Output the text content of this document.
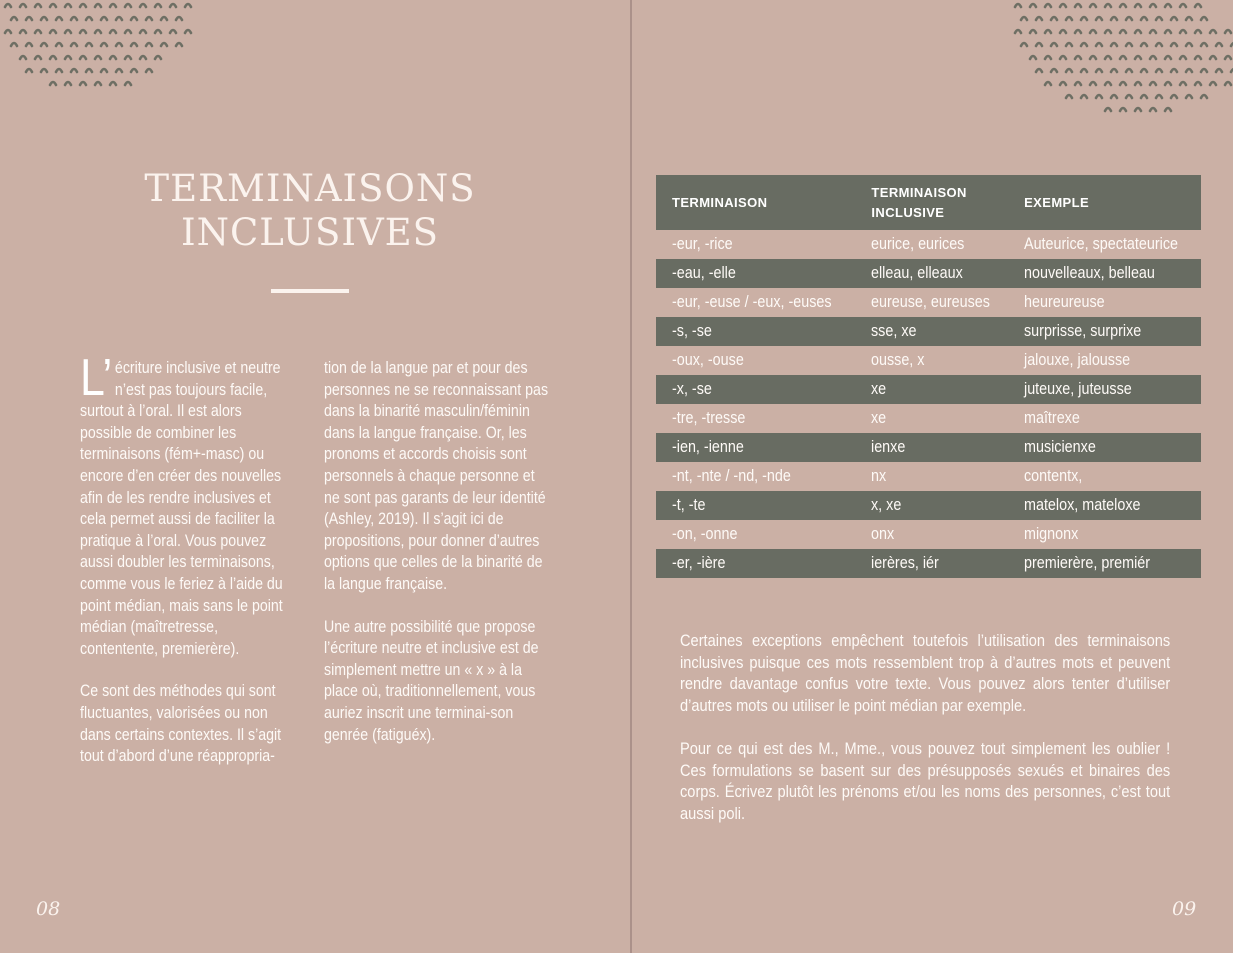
TERMINAISONS
INCLUSIVES

L’ écriture inclusive et neutre n’est pas toujours facile, surtout à l’oral. Il est alors possible de combiner les terminaisons (fém+-masc) ou encore d’en créer des nouvelles afin de les rendre inclusives et cela permet aussi de faciliter la pratique à l’oral. Vous pouvez aussi doubler les terminaisons, comme vous le feriez à l’aide du point médian, mais sans le point médian (maîtretresse, contentente, premierère).

Ce sont des méthodes qui sont fluctuantes, valorisées ou non dans certains contextes. Il s’agit tout d’abord d’une réappropria-

tion de la langue par et pour des personnes ne se reconnaissant pas dans la binarité masculin/féminin dans la langue française. Or, les pronoms et accords choisis sont personnels à chaque personne et ne sont pas garants de leur identité (Ashley, 2019). Il s’agit ici de propositions, pour donner d’autres options que celles de la binarité de la langue française.

Une autre possibilité que propose l’écriture neutre et inclusive est de simplement mettre un « x » à la place où, traditionnellement, vous auriez inscrit une terminai-son genrée (fatiguéx).

08
TERMINAISON	TERMINAISON INCLUSIVE	EXEMPLE
-eur, -rice	eurice, eurices	Auteurice, spectateurice
-eau, -elle	elleau, elleaux	nouvelleaux, belleau
-eur, -euse / -eux, -euses	eureuse, eureuses	heureureuse
-s, -se	sse, xe	surprisse, surprixe
-oux, -ouse	ousse, x	jalouxe, jalousse
-x, -se	xe	juteuxe, juteusse
-tre, -tresse	xe	maîtrexe
-ien, -ienne	ienxe	musicienxe
-nt, -nte / -nd, -nde	nx	contentx,
-t, -te	x, xe	matelox, mateloxe
-on, -onne	onx	mignonx
-er, -ière	ierères, iér	premierère, premiér

Certaines exceptions empêchent toutefois l’utilisation des terminaisons inclusives puisque ces mots ressemblent trop à d’autres mots et peuvent rendre davantage confus votre texte. Vous pouvez alors tenter d’utiliser d’autres mots ou utiliser le point médian par exemple.

Pour ce qui est des M., Mme., vous pouvez tout simplement les oublier ! Ces formulations se basent sur des présupposés sexués et binaires des corps. Écrivez plutôt les prénoms et/ou les noms des personnes, c’est tout aussi poli.

09
